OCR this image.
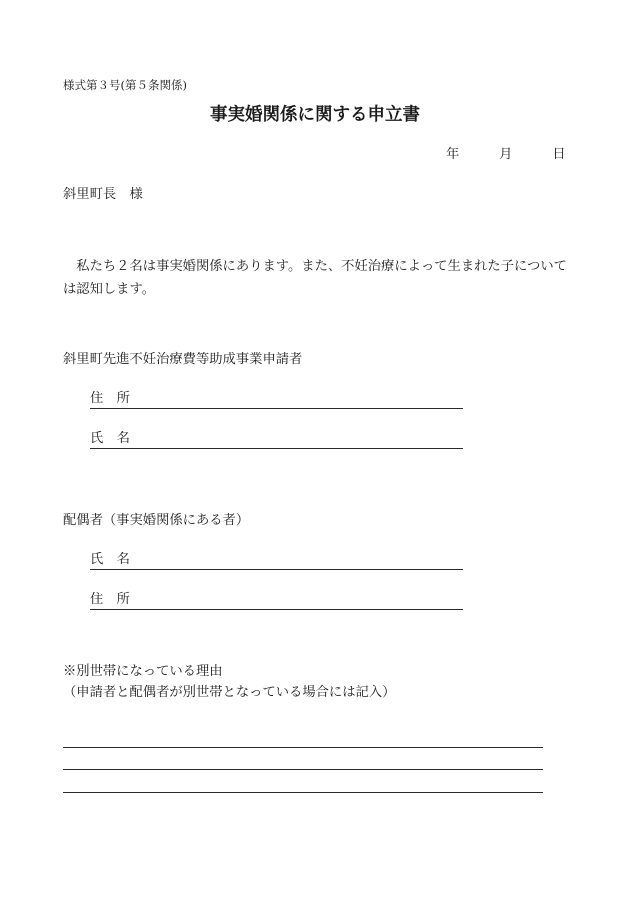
様式第３号(第５条関係)

事実婚関係に関する申立書

年　　　月　　　日

斜里町長　様

　私たち２名は事実婚関係にあります。また、不妊治療によって生まれた子について

は認知します。

斜里町先進不妊治療費等助成事業申請者

住　所
氏　名

配偶者（事実婚関係にある者）

氏　名
住　所

※別世帯になっている理由

（申請者と配偶者が別世帯となっている場合には記入）
